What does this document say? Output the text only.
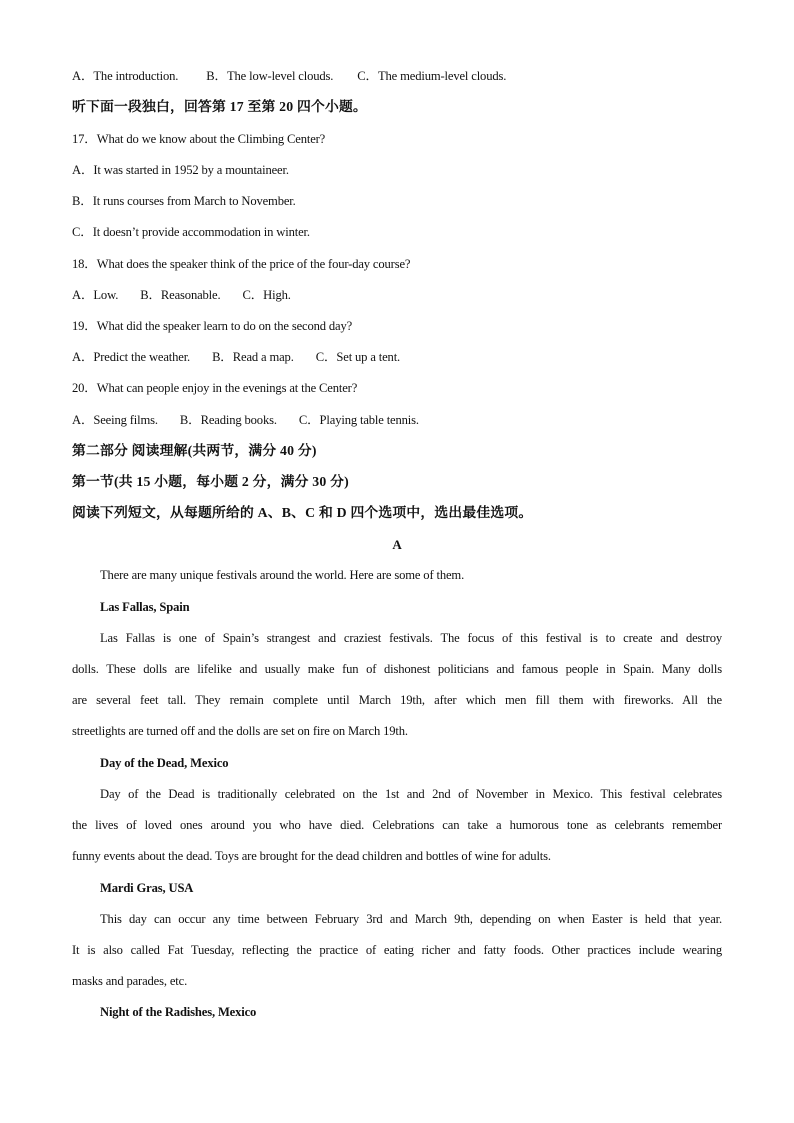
A．The introduction. B．The low-level clouds. C．The medium-level clouds.
听下面一段独白，回答第 17 至第 20 四个小题。
17．What do we know about the Climbing Center?
A．It was started in 1952 by a mountaineer.
B．It runs courses from March to November.
C．It doesn’t provide accommodation in winter.
18．What does the speaker think of the price of the four-day course?
A．Low. B．Reasonable. C．High.
19．What did the speaker learn to do on the second day?
A．Predict the weather. B．Read a map. C．Set up a tent.
20．What can people enjoy in the evenings at the Center?
A．Seeing films. B．Reading books. C．Playing table tennis.
第二部分 阅读理解(共两节，满分 40 分)
第一节(共 15 小题，每小题 2 分，满分 30 分)
阅读下列短文，从每题所给的 A、B、C 和 D 四个选项中，选出最佳选项。
A
There are many unique festivals around the world. Here are some of them.
Las Fallas, Spain
Las Fallas is one of Spain’s strangest and craziest festivals. The focus of this festival is to create and destroy
dolls. These dolls are lifelike and usually make fun of dishonest politicians and famous people in Spain. Many dolls
are several feet tall. They remain complete until March 19th, after which men fill them with fireworks. All the
streetlights are turned off and the dolls are set on fire on March 19th.
Day of the Dead, Mexico
Day of the Dead is traditionally celebrated on the 1st and 2nd of November in Mexico. This festival celebrates
the lives of loved ones around you who have died. Celebrations can take a humorous tone as celebrants remember
funny events about the dead. Toys are brought for the dead children and bottles of wine for adults.
Mardi Gras, USA
This day can occur any time between February 3rd and March 9th, depending on when Easter is held that year.
It is also called Fat Tuesday, reflecting the practice of eating richer and fatty foods. Other practices include wearing
masks and parades, etc.
Night of the Radishes, Mexico
